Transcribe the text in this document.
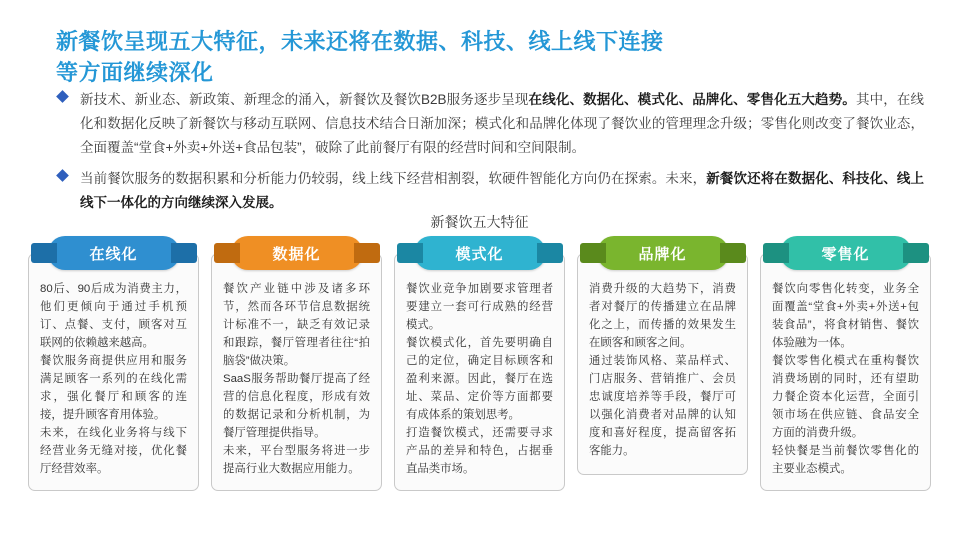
新餐饮呈现五大特征，未来还将在数据、科技、线上线下连接
等方面继续深化
新技术、新业态、新政策、新理念的涌入，新餐饮及餐饮B2B服务逐步呈现在线化、数据化、模式化、品牌化、零售化五大趋势。其中，在线化和数据化反映了新餐饮与移动互联网、信息技术结合日渐加深；模式化和品牌化体现了餐饮业的管理理念升级；零售化则改变了餐饮业态，全面覆盖“堂食+外卖+外送+食品包装”，破除了此前餐厅有限的经营时间和空间限制。
当前餐饮服务的数据积累和分析能力仍较弱，线上线下经营相割裂，软硬件智能化方向仍在探索。未来，新餐饮还将在数据化、科技化、线上线下一体化的方向继续深入发展。
新餐饮五大特征
在线化

80后、90后成为消费主力，他们更倾向于通过手机预订、点餐、支付，顾客对互联网的依赖越来越高。

餐饮服务商提供应用和服务满足顾客一系列的在线化需求，强化餐厅和顾客的连接，提升顾客育用体验。

未来，在线化业务将与线下经营业务无缝对接，优化餐厅经营效率。

数据化

餐饮产业链中涉及诸多环节，然而各环节信息数据统计标准不一，缺乏有效记录和跟踪，餐厅管理者往往“拍脑袋”做决策。

SaaS服务帮助餐厅提高了经营的信息化程度，形成有效的数据记录和分析机制，为餐厅管理提供指导。

未来，平台型服务将进一步提高行业大数据应用能力。

模式化

餐饮业竞争加剧要求管理者要建立一套可行成熟的经营模式。

餐饮模式化，首先要明确自己的定位，确定目标顾客和盈利来源。因此，餐厅在选址、菜品、定价等方面都要有成体系的策划思考。

打造餐饮模式，还需要寻求产品的差异和特色，占据垂直品类市场。

品牌化

消费升级的大趋势下，消费者对餐厅的传播建立在品牌化之上，而传播的效果发生在顾客和顾客之间。

通过装饰风格、菜品样式、门店服务、营销推广、会员忠诚度培养等手段，餐厅可以强化消费者对品牌的认知度和喜好程度，提高留客拓客能力。

零售化

餐饮向零售化转变，业务全面覆盖“堂食+外卖+外送+包装食品”，将食材销售、餐饮体验融为一体。

餐饮零售化模式在重构餐饮消费场剧的同时，还有望助力餐企资本化运营，全面引领市场在供应链、食品安全方面的消费升级。

轻快餐是当前餐饮零售化的主要业态模式。
